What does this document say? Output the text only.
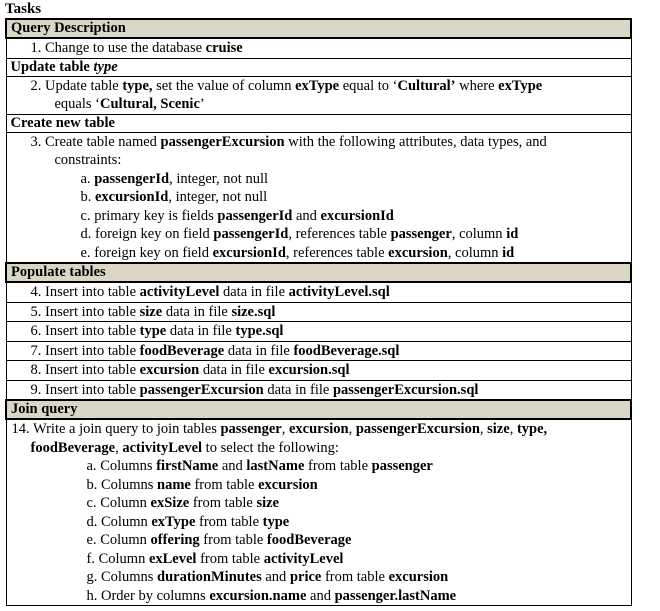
Tasks
Query Description

1. Change to use the database cruise

Update table type

2. Update table type, set the value of column exType equal to ‘Cultural’ where exType
equals ‘Cultural, Scenic’

Create new table

3. Create table named passengerExcursion with the following attributes, data types, and
constraints:
a. passengerId, integer, not null
b. excursionId, integer, not null
c. primary key is fields passengerId and excursionId
d. foreign key on field passengerId, references table passenger, column id
e. foreign key on field excursionId, references table excursion, column id

Populate tables

4. Insert into table activityLevel data in file activityLevel.sql

5. Insert into table size data in file size.sql

6. Insert into table type data in file type.sql

7. Insert into table foodBeverage data in file foodBeverage.sql

8. Insert into table excursion data in file excursion.sql

9. Insert into table passengerExcursion data in file passengerExcursion.sql

Join query

14. Write a join query to join tables passenger, excursion, passengerExcursion, size, type,
foodBeverage, activityLevel to select the following:
a. Columns firstName and lastName from table passenger
b. Columns name from table excursion
c. Column exSize from table size
d. Column exType from table type
e. Column offering from table foodBeverage
f. Column exLevel from table activityLevel
g. Columns durationMinutes and price from table excursion
h. Order by columns excursion.name and passenger.lastName
